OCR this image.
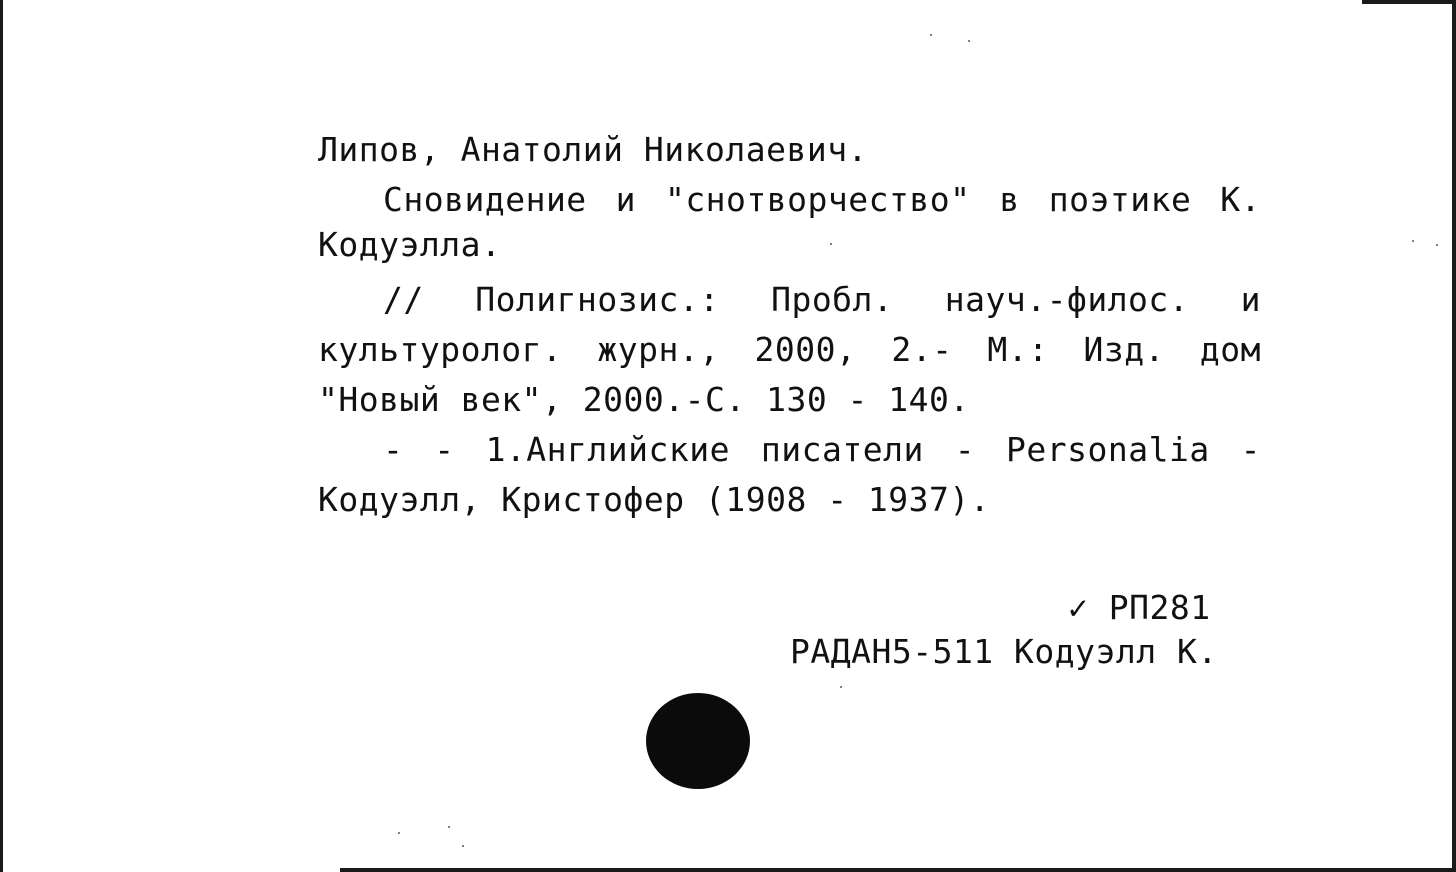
Липов, Анатолий Николаевич.
Сновидение и "снотворчество" в поэтике К.
Кодуэлла.
// Полигнозис.: Пробл. науч.-филос. и
культуролог. журн., 2000, 2.- М.: Изд. дом
"Новый век", 2000.-С. 130 - 140.
- - 1.Английские писатели - Personalia -
Кодуэлл, Кристофер (1908 - 1937).
✓ РП281
РАДАН5-511 Кодуэлл К.
